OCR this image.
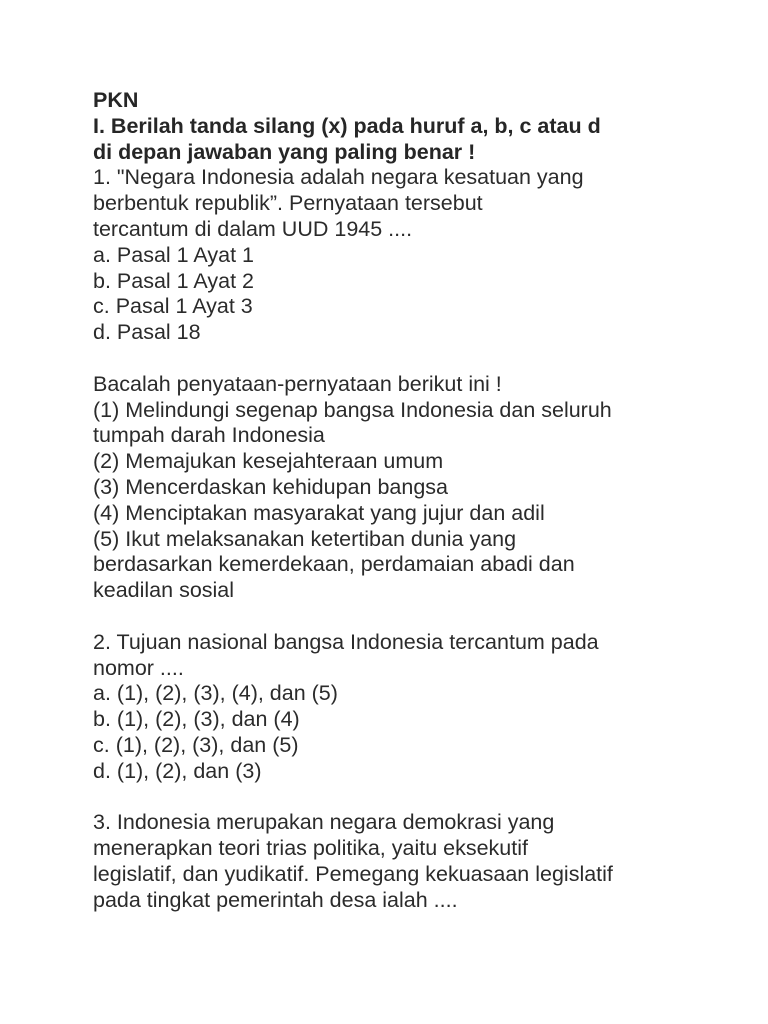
PKN
I. Berilah tanda silang (x) pada huruf a, b, c atau d
di depan jawaban yang paling benar !
1. "Negara Indonesia adalah negara kesatuan yang
berbentuk republik”. Pernyataan tersebut
tercantum di dalam UUD 1945 ....
a. Pasal 1 Ayat 1
b. Pasal 1 Ayat 2
c. Pasal 1 Ayat 3
d. Pasal 18
Bacalah penyataan-pernyataan berikut ini !
(1) Melindungi segenap bangsa Indonesia dan seluruh
tumpah darah Indonesia
(2) Memajukan kesejahteraan umum
(3) Mencerdaskan kehidupan bangsa
(4) Menciptakan masyarakat yang jujur dan adil
(5) Ikut melaksanakan ketertiban dunia yang
berdasarkan kemerdekaan, perdamaian abadi dan
keadilan sosial
2. Tujuan nasional bangsa Indonesia tercantum pada
nomor ....
a. (1), (2), (3), (4), dan (5)
b. (1), (2), (3), dan (4)
c. (1), (2), (3), dan (5)
d. (1), (2), dan (3)
3. Indonesia merupakan negara demokrasi yang
menerapkan teori trias politika, yaitu eksekutif
legislatif, dan yudikatif. Pemegang kekuasaan legislatif
pada tingkat pemerintah desa ialah ....
